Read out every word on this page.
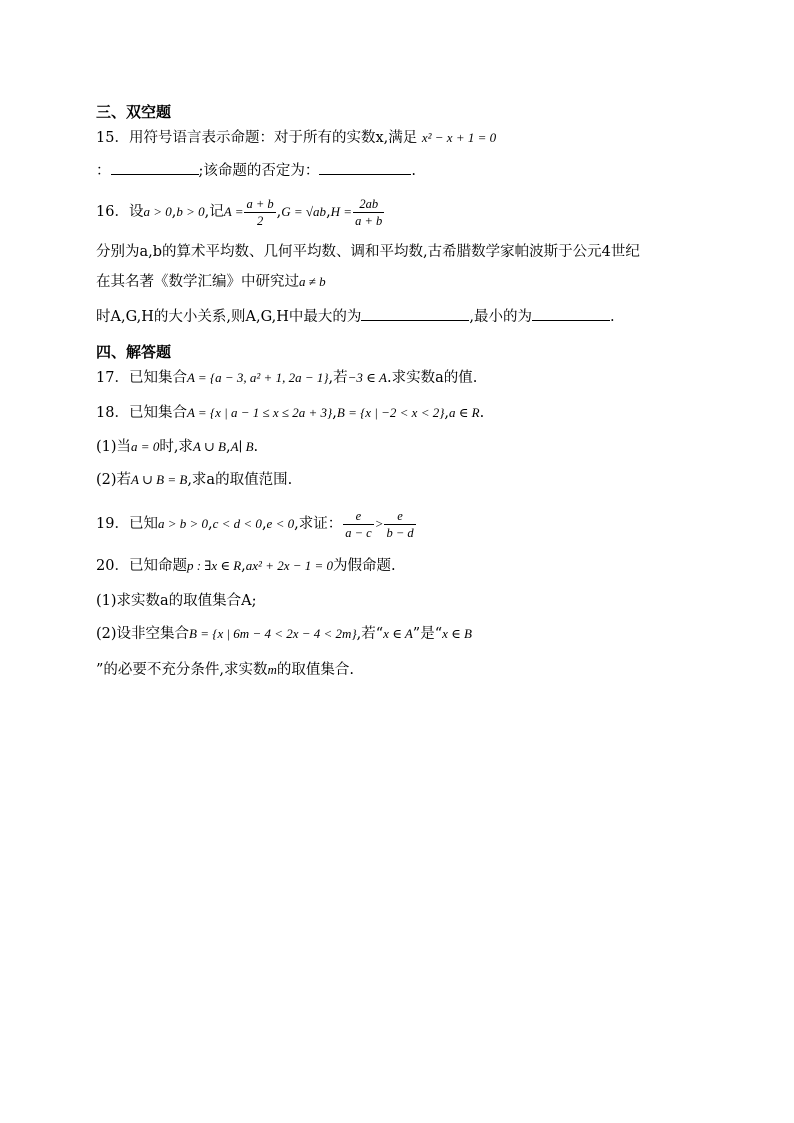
三、双空题
15．用符号语言表示命题：对于所有的实数x,满足 x² − x + 1 = 0
：	;该命题的否定为：	.
16．设a > 0,b > 0,记$A = \frac{a + b}{2} ,G = √ab,H = \frac{2ab}{a + b}$
分别为a,b的算术平均数、几何平均数、调和平均数,古希腊数学家帕波斯于公元4世纪
在其名著《数学汇编》中研究过a ≠ b
时A,G,H的大小关系,则A,G,H中最大的为	,最小的为	.
四、解答题
17．已知集合A = {a − 3, a² + 1, 2a − 1},若−3 ∈ A.求实数a的值.
18．已知集合A = {x | a − 1 ≤ x ≤ 2a + 3},B = {x | −2 < x < 2},a ∈ R.
(1)当a = 0时,求A ∪ B,A∣ B.
(2)若A ∪ B = B,求a的取值范围.
19．已知a > b > 0,c < d < 0,e < 0,求证： $\frac{e}{a - c} > \frac{e}{b - d}$
20．已知命题p : ∃x ∈ R,ax² + 2x − 1 = 0为假命题.
(1)求实数a的取值集合A;
(2)设非空集合B = {x | 6m − 4 < 2x − 4 < 2m},若“x ∈ A”是“x ∈ B
”的必要不充分条件,求实数m的取值集合.
